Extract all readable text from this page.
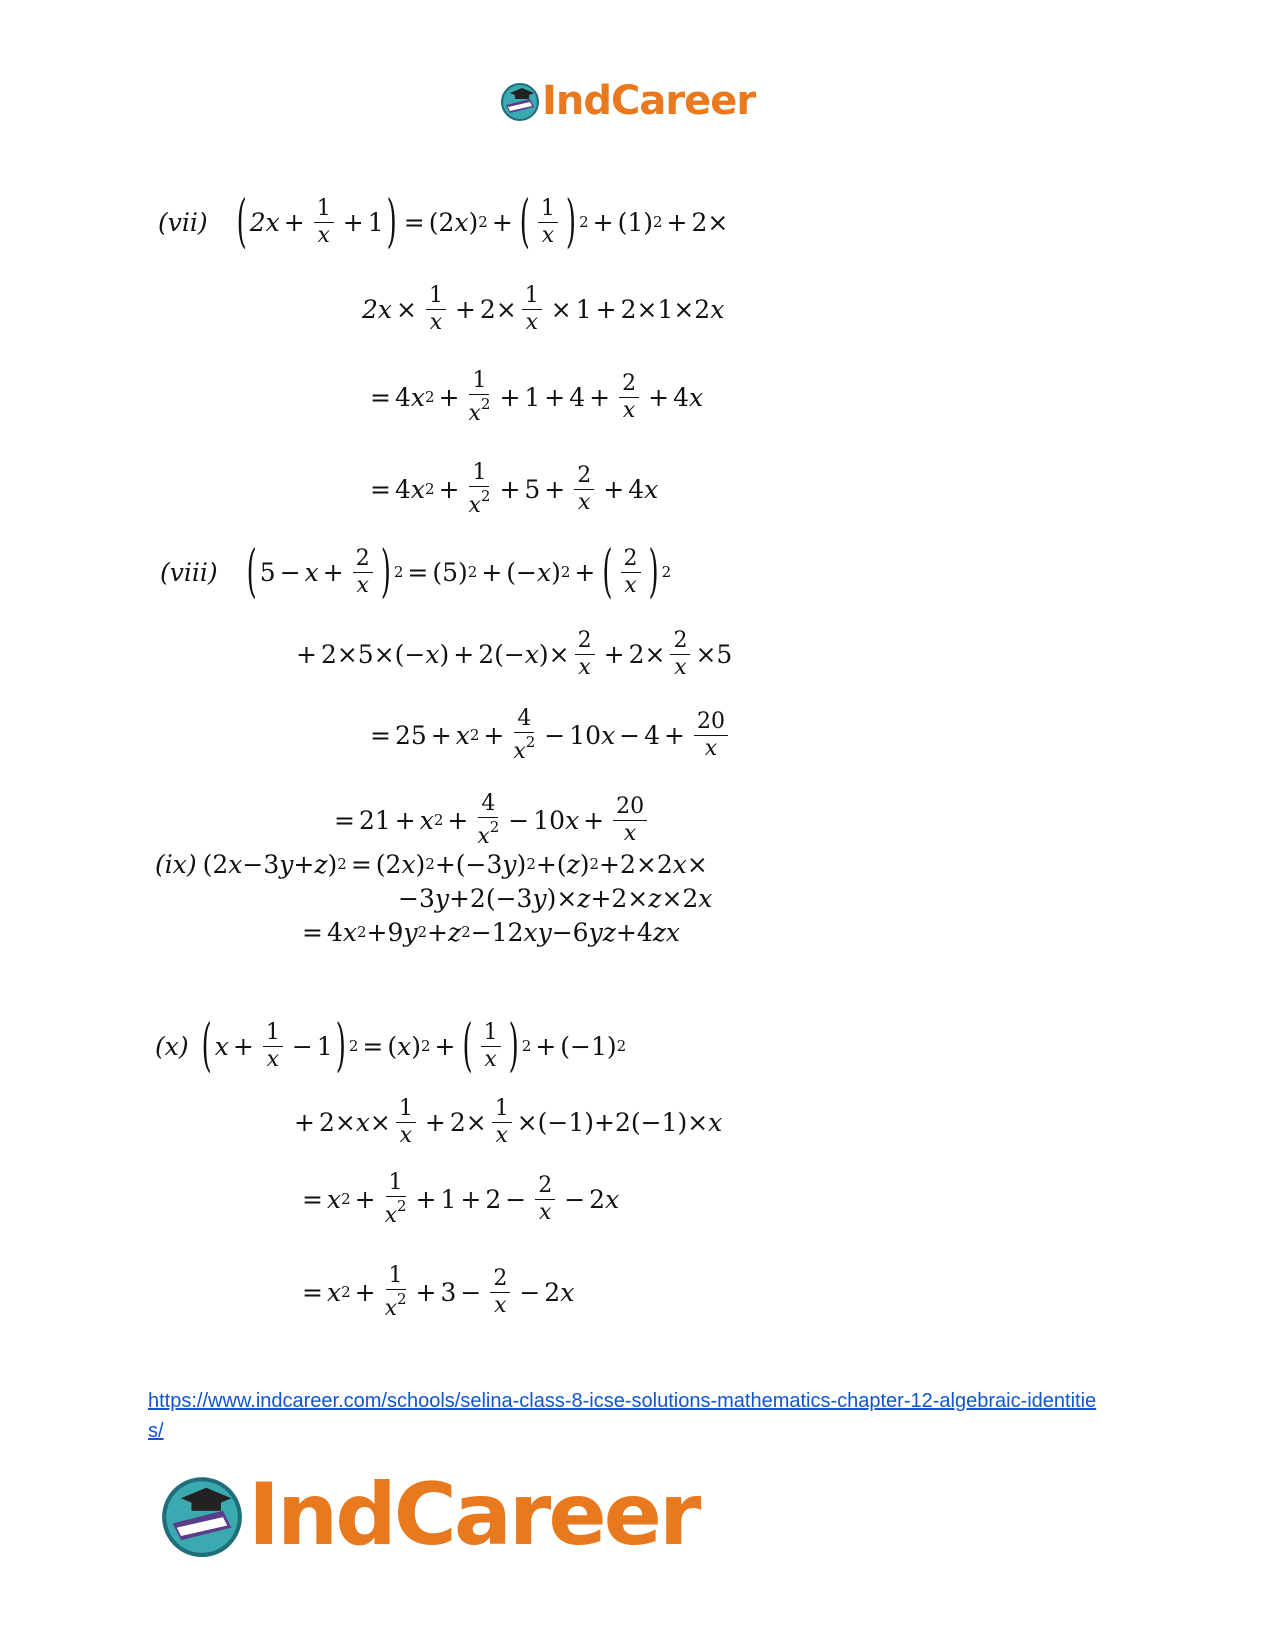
IndCareer
(vii) ( $2x + \frac{1}{x} + 1$ ) = (2 x ) 2 + ( $\frac{1}{x}$ ) 2 + (1) 2 + 2×
$2x \times \frac{1}{x} + 2\times \frac{1}{x} \times 1 + 2\times 1\times 2$ x
= 4 x $2 + \frac{1}{x^2} + 1 + 4 + \frac{2}{x} + 4$ x
= 4 x $2 + \frac{1}{x^2} + 5 + \frac{2}{x} + 4$ x
(viii) ( $5 - x + \frac{2}{x}$ ) 2 = (5) 2 + (− x ) 2 + ( $\frac{2}{x}$ ) 2
+ 2×5×(− x ) + 2(− x )× $\frac{2}{x} + 2\times \frac{2}{x} \times 5$
= 25 + x $2 + \frac{4}{x^2} - 10$ $x - 4 + \frac{20}{x}$
= 21 + x $2 + \frac{4}{x^2} - 10$ $x + \frac{20}{x}$
(ix) (2 x −3 y + z ) 2 = (2 x ) 2 +(−3 y ) 2 +( z ) 2 +2×2 x ×
−3 y +2(−3 y )× z +2× z ×2 x
= 4 x 2 +9 y 2 + z 2 −12 xy −6 yz +4 zx
(x) ( $x + \frac{1}{x} - 1$ ) 2 = ( x ) 2 + ( $\frac{1}{x}$ ) 2 + (−1) 2
+ $2\times x \times \frac{1}{x} + 2\times \frac{1}{x} \times(-1)+2(-1)\times x$
= x $2 + \frac{1}{x^2} + 1 + 2 - \frac{2}{x} - 2$ x
= x $2 + \frac{1}{x^2} + 3 - \frac{2}{x} - 2$ x
https://www.indcareer.com/schools/selina-class-8-icse-solutions-mathematics-chapter-12-algebraic-identities/
IndCareer
